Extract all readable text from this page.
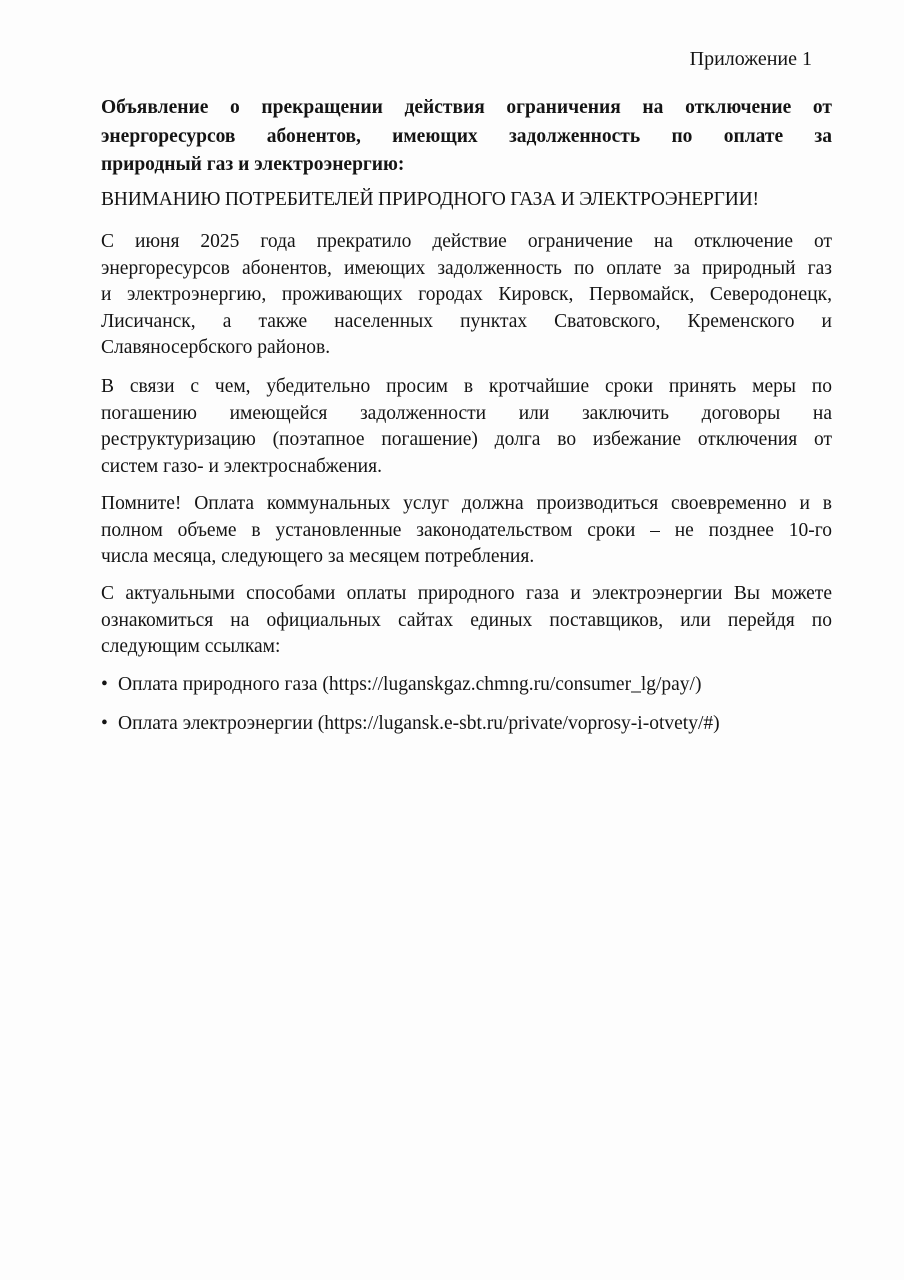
Приложение 1
Объявление о прекращении действия ограничения на отключение от
энергоресурсов абонентов, имеющих задолженность по оплате за
природный газ и электроэнергию:

ВНИМАНИЮ ПОТРЕБИТЕЛЕЙ ПРИРОДНОГО ГАЗА И ЭЛЕКТРОЭНЕРГИИ!

С июня 2025 года прекратило действие ограничение на отключение от
энергоресурсов абонентов, имеющих задолженность по оплате за природный газ
и электроэнергию, проживающих городах Кировск, Первомайск, Северодонецк,
Лисичанск, а также населенных пунктах Сватовского, Кременского и
Славяносербского районов.
В связи с чем, убедительно просим в кротчайшие сроки принять меры по
погашению имеющейся задолженности или заключить договоры на
реструктуризацию (поэтапное погашение) долга во избежание отключения от
систем газо- и электроснабжения.
Помните! Оплата коммунальных услуг должна производиться своевременно и в
полном объеме в установленные законодательством сроки – не позднее 10-го
числа месяца, следующего за месяцем потребления.
С актуальными способами оплаты природного газа и электроэнергии Вы можете
ознакомиться на официальных сайтах единых поставщиков, или перейдя по
следующим ссылкам:
• Оплата природного газа (https://luganskgaz.chmng.ru/consumer_lg/pay/)
• Оплата электроэнергии (https://lugansk.e-sbt.ru/private/voprosy-i-otvety/#)
